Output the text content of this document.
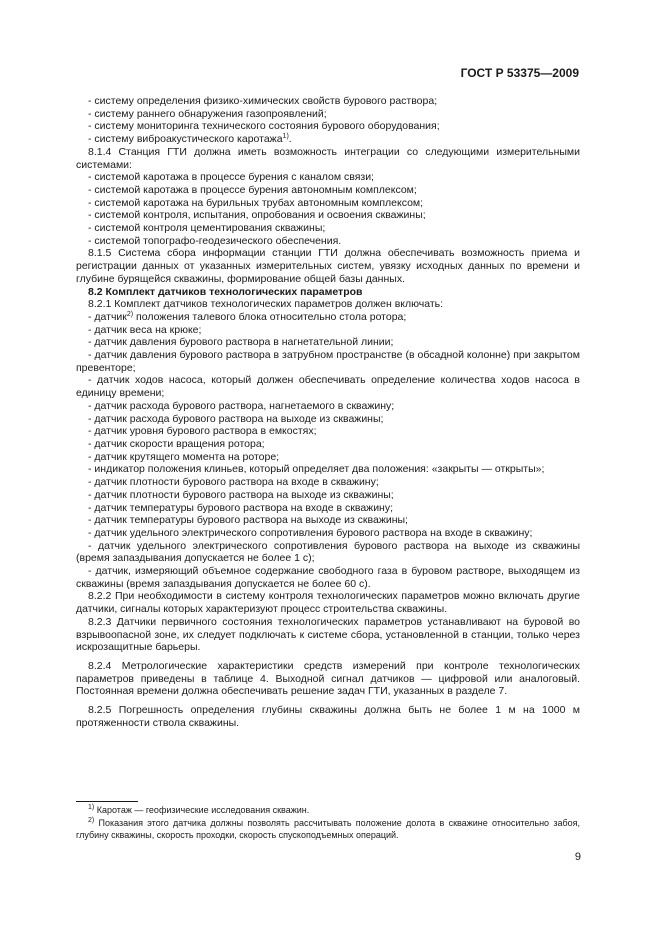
ГОСТ Р 53375—2009

- систему определения физико-химических свойств бурового раствора;

- систему раннего обнаружения газопроявлений;

- систему мониторинга технического состояния бурового оборудования;

- систему виброакустического каротажа$^{1)}$.

8.1.4 Станция ГТИ должна иметь возможность интеграции со следующими измерительными системами:

- системой каротажа в процессе бурения с каналом связи;

- системой каротажа в процессе бурения автономным комплексом;

- системой каротажа на бурильных трубах автономным комплексом;

- системой контроля, испытания, опробования и освоения скважины;

- системой контроля цементирования скважины;

- системой топографо-геодезического обеспечения.

8.1.5 Система сбора информации станции ГТИ должна обеспечивать возможность приема и регистрации данных от указанных измерительных систем, увязку исходных данных по времени и глубине бурящейся скважины, формирование общей базы данных.

8.2 Комплект датчиков технологических параметров

8.2.1 Комплект датчиков технологических параметров должен включать:

- датчик$^{2)}$ положения талевого блока относительно стола ротора;

- датчик веса на крюке;

- датчик давления бурового раствора в нагнетательной линии;

- датчик давления бурового раствора в затрубном пространстве (в обсадной колонне) при закрытом превенторе;

- датчик ходов насоса, который должен обеспечивать определение количества ходов насоса в единицу времени;

- датчик расхода бурового раствора, нагнетаемого в скважину;

- датчик расхода бурового раствора на выходе из скважины;

- датчик уровня бурового раствора в емкостях;

- датчик скорости вращения ротора;

- датчик крутящего момента на роторе;

- индикатор положения клиньев, который определяет два положения: «закрыты — открыты»;

- датчик плотности бурового раствора на входе в скважину;

- датчик плотности бурового раствора на выходе из скважины;

- датчик температуры бурового раствора на входе в скважину;

- датчик температуры бурового раствора на выходе из скважины;

- датчик удельного электрического сопротивления бурового раствора на входе в скважину;

- датчик удельного электрического сопротивления бурового раствора на выходе из скважины (время запаздывания допускается не более 1 с);

- датчик, измеряющий объемное содержание свободного газа в буровом растворе, выходящем из скважины (время запаздывания допускается не более 60 с).

8.2.2 При необходимости в систему контроля технологических параметров можно включать другие датчики, сигналы которых характеризуют процесс строительства скважины.

8.2.3 Датчики первичного состояния технологических параметров устанавливают на буровой во взрывоопасной зоне, их следует подключать к системе сбора, установленной в станции, только через искрозащитные барьеры.

8.2.4 Метрологические характеристики средств измерений при контроле технологических параметров приведены в таблице 4. Выходной сигнал датчиков — цифровой или аналоговый. Постоянная времени должна обеспечивать решение задач ГТИ, указанных в разделе 7.

8.2.5 Погрешность определения глубины скважины должна быть не более 1 м на 1000 м протяженности ствола скважины.

$^{1)}$ Каротаж — геофизические исследования скважин.

$^{2)}$ Показания этого датчика должны позволять рассчитывать положение долота в скважине относительно забоя, глубину скважины, скорость проходки, скорость спускоподъемных операций.

9
